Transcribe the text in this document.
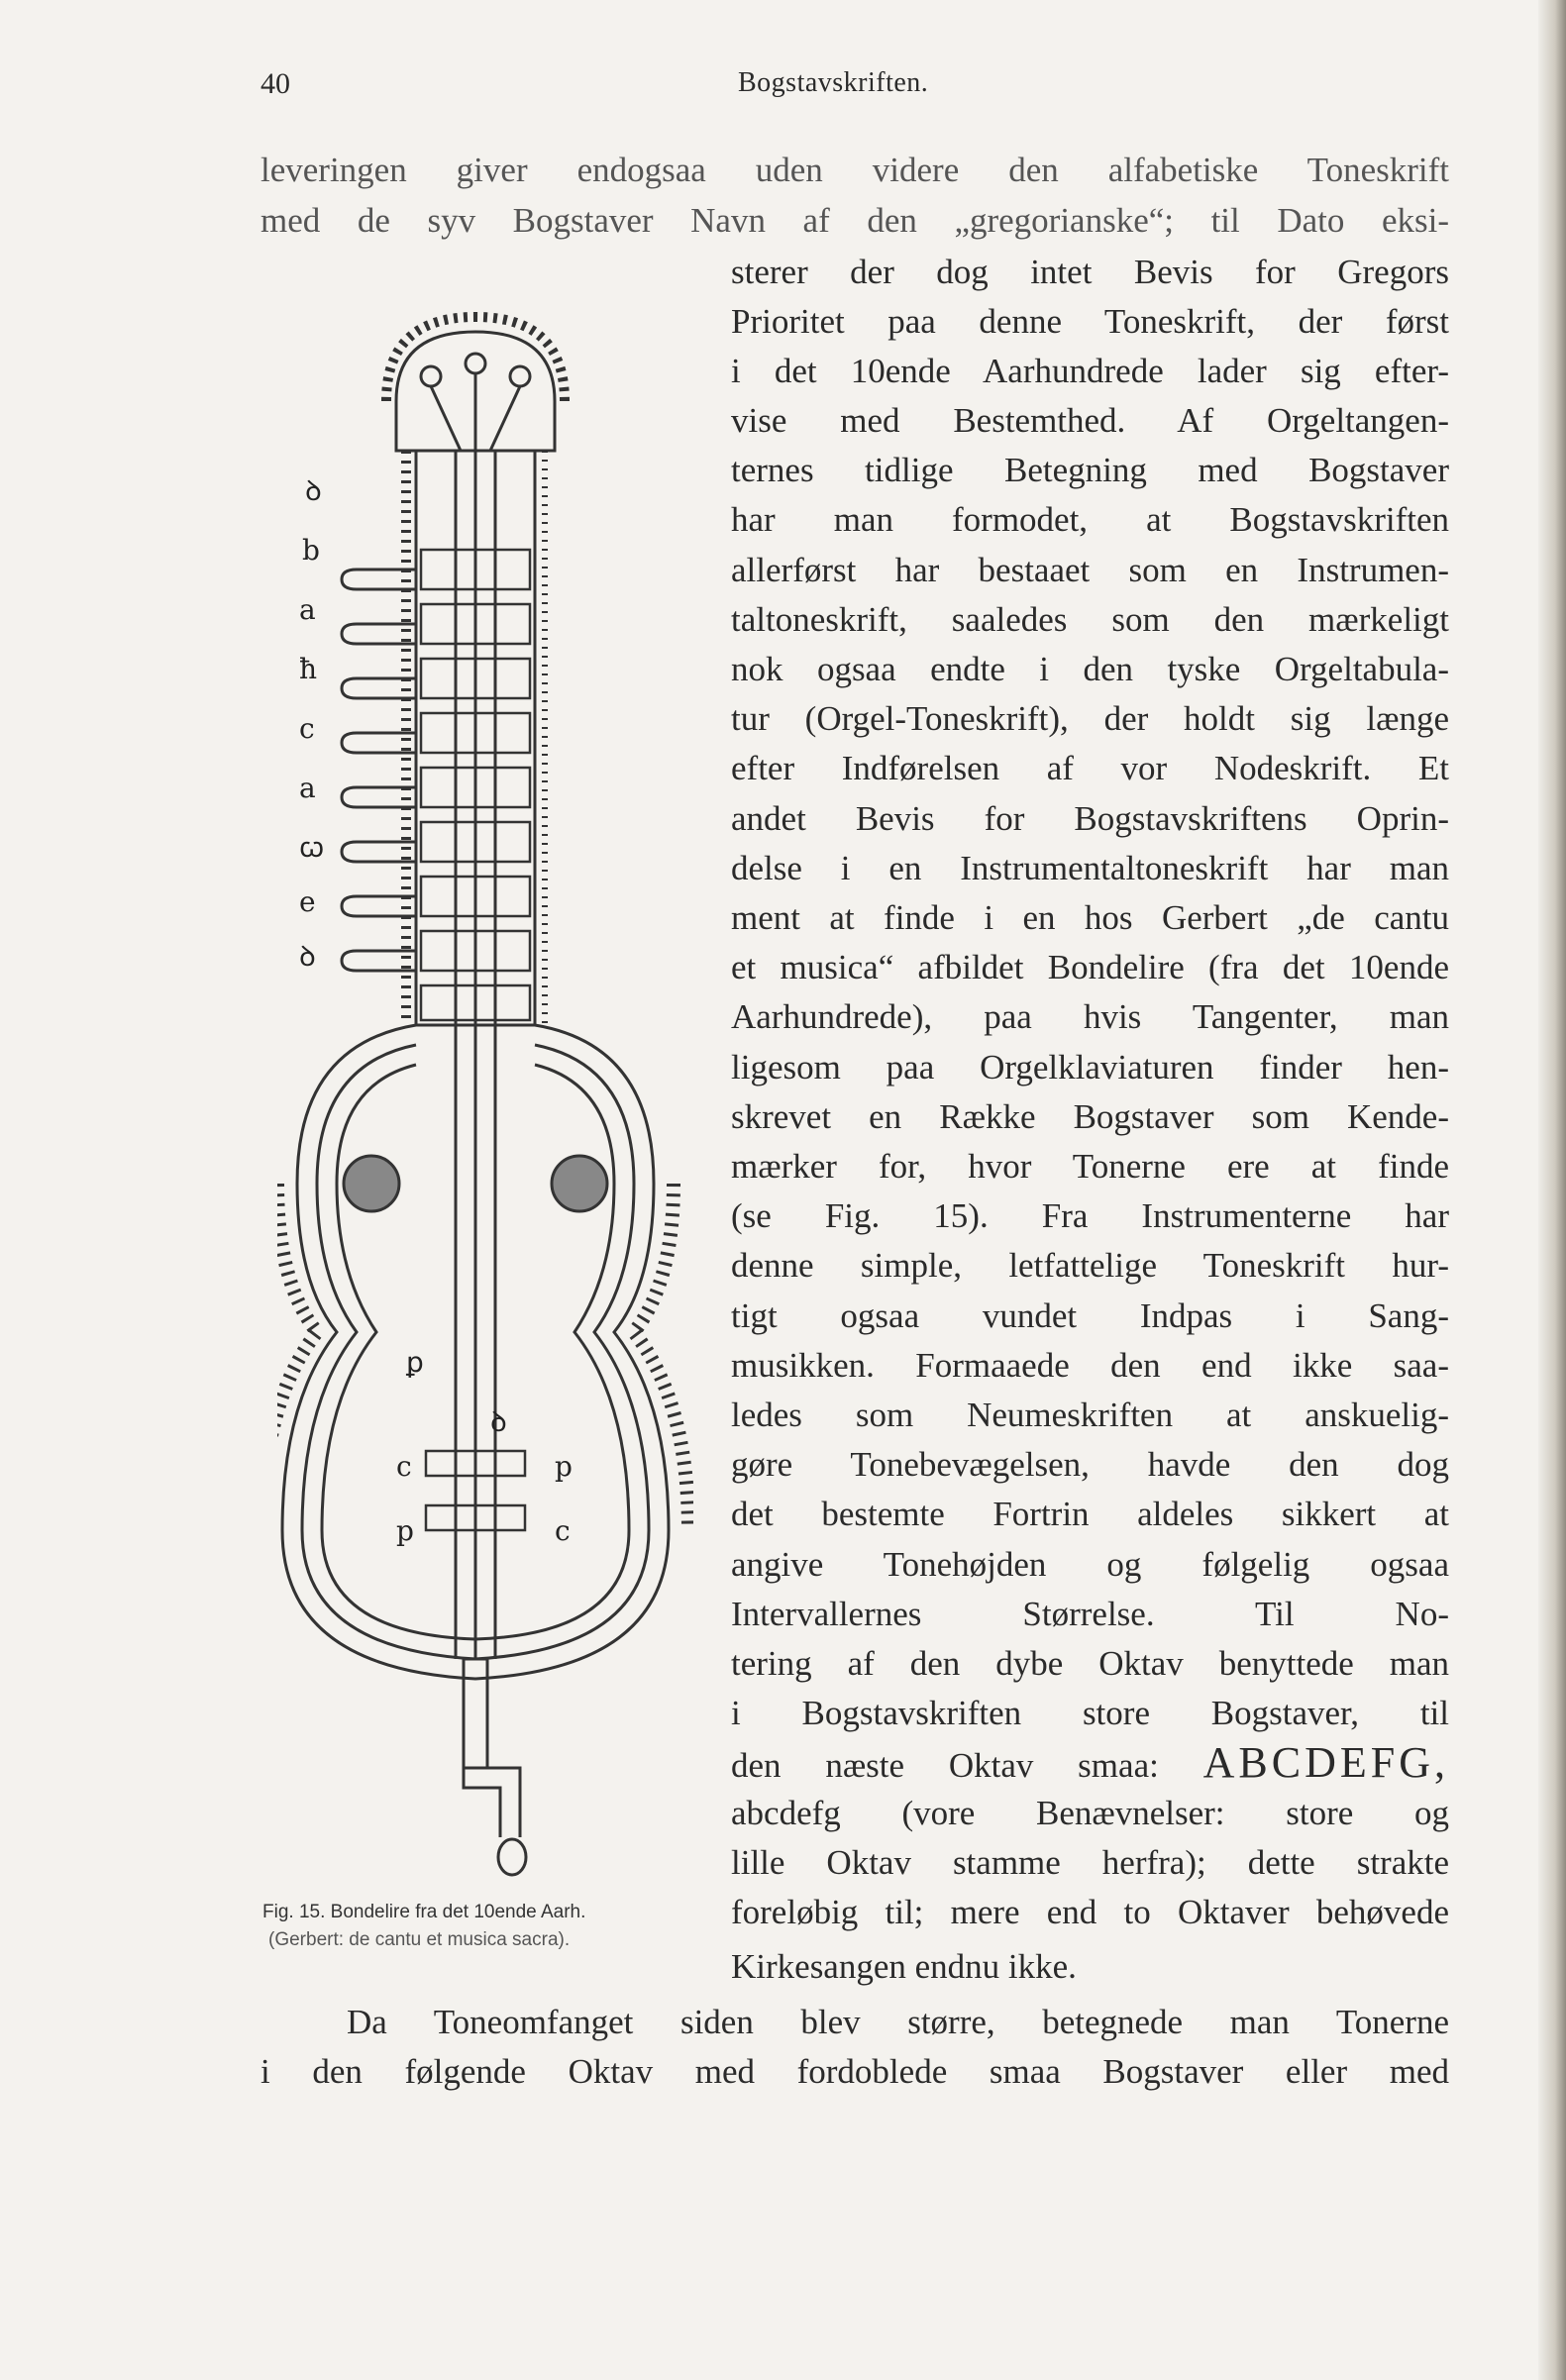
40	Bogstavskriften.
leveringen giver endogsaa uden videre den alfabetiske Toneskrift
med de syv Bogstaver Navn af den „gregorianske“; til Dato eksi-
sterer der dog intet Bevis for Gregors
Prioritet paa denne Toneskrift, der først
i det 10ende Aarhundrede lader sig efter-
vise med Bestemthed. Af Orgeltangen-
ternes tidlige Betegning med Bogstaver
har man formodet, at Bogstavskriften
allerførst har bestaaet som en Instrumen-
taltoneskrift, saaledes som den mærkeligt
nok ogsaa endte i den tyske Orgeltabula-
tur (Orgel-Toneskrift), der holdt sig længe
efter Indførelsen af vor Nodeskrift. Et
andet Bevis for Bogstavskriftens Oprin-
delse i en Instrumentaltoneskrift har man
ment at finde i en hos Gerbert „de cantu
et musica“ afbildet Bondelire (fra det 10ende
Aarhundrede), paa hvis Tangenter, man
ligesom paa Orgelklaviaturen finder hen-
skrevet en Række Bogstaver som Kende-
mærker for, hvor Tonerne ere at finde
(se Fig. 15). Fra Instrumenterne har
denne simple, letfattelige Toneskrift hur-
tigt ogsaa vundet Indpas i Sang-
musikken. Formaaede den end ikke saa-
ledes som Neumeskriften at anskuelig-
gøre Tonebevægelsen, havde den dog
det bestemte Fortrin aldeles sikkert at
angive Tonehøjden og følgelig ogsaa
Intervallernes Størrelse. Til No-
tering af den dybe Oktav benyttede man
i Bogstavskriften store Bogstaver, til
den næste Oktav smaa: ABCDEFG,
abcdefg (vore Benævnelser: store og
lille Oktav stamme herfra); dette strakte
foreløbig til; mere end to Oktaver behøvede
Kirkesangen endnu ikke.
Da Toneomfanget siden blev større, betegnede man Tonerne
i den følgende Oktav med fordoblede smaa Bogstaver eller med
ꝺ
b
a
ħ
c
a
ꞷ
e
ꝺ
ꝑ
c	p
p	c
ꝺ
Fig. 15. Bondelire fra det 10ende Aarh.
(Gerbert: de cantu et musica sacra).
